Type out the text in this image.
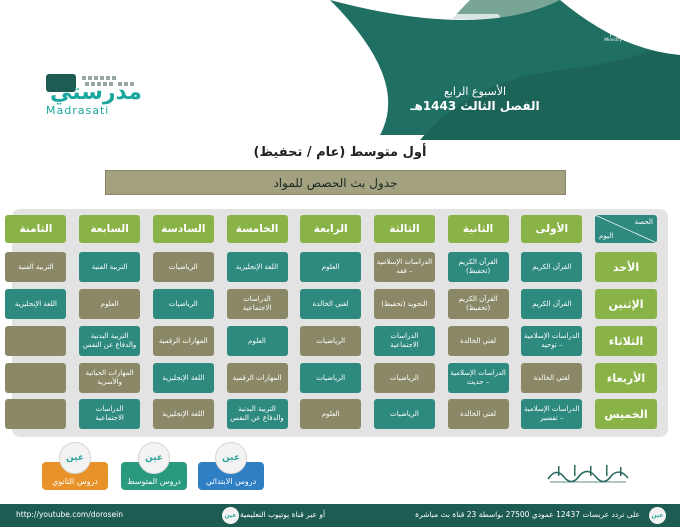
وزارة التعليم
Ministry of Education
الأسبوع الرابع
الفصل الثالث 1443هـ
مدرستي
Madrasati
أول متوسط (عام / تحفيظ)
جدول بث الحصص للمواد
الحصة
اليوم
الأولى
الثانية
الثالثة
الرابعة
الخامسة
السادسة
السابعة
الثامنة
الأحد
القرآن الكريم
القرآن الكريم (تحفيظ)
الدراسات الإسلامية – فقه
العلوم
اللغة الإنجليزية
الرياضيات
التربية الفنية
التربية الفنية
الإثنين
القرآن الكريم
القرآن الكريم (تحفيظ)
التجويد (تحفيظ)
لغتي الخالدة
الدراسات الاجتماعية
الرياضيات
العلوم
اللغة الإنجليزية
الثلاثاء
الدراسات الإسلامية – توحيد
لغتي الخالدة
الدراسات الاجتماعية
الرياضيات
العلوم
المهارات الرقمية
التربية البدنية والدفاع عن النفس
الأربعاء
لغتي الخالدة
الدراسات الإسلامية – حديث
الرياضيات
الرياضيات
المهارات الرقمية
اللغة الإنجليزية
المهارات الحياتية والأسرية
الخميس
الدراسات الإسلامية – تفسير
لغتي الخالدة
الرياضيات
العلوم
التربية البدنية والدفاع عن النفس
اللغة الإنجليزية
الدراسات الاجتماعية
عين
دروس الابتدائي
عين
دروس المتوسط
عين
دروس الثانوي
عين
على تردد عربسات 12437 عمودي 27500 بواسطة 23 قناة بث مباشرة
عين أو عبر قناة يوتيوب التعليمية
http://youtube.com/dorosein
